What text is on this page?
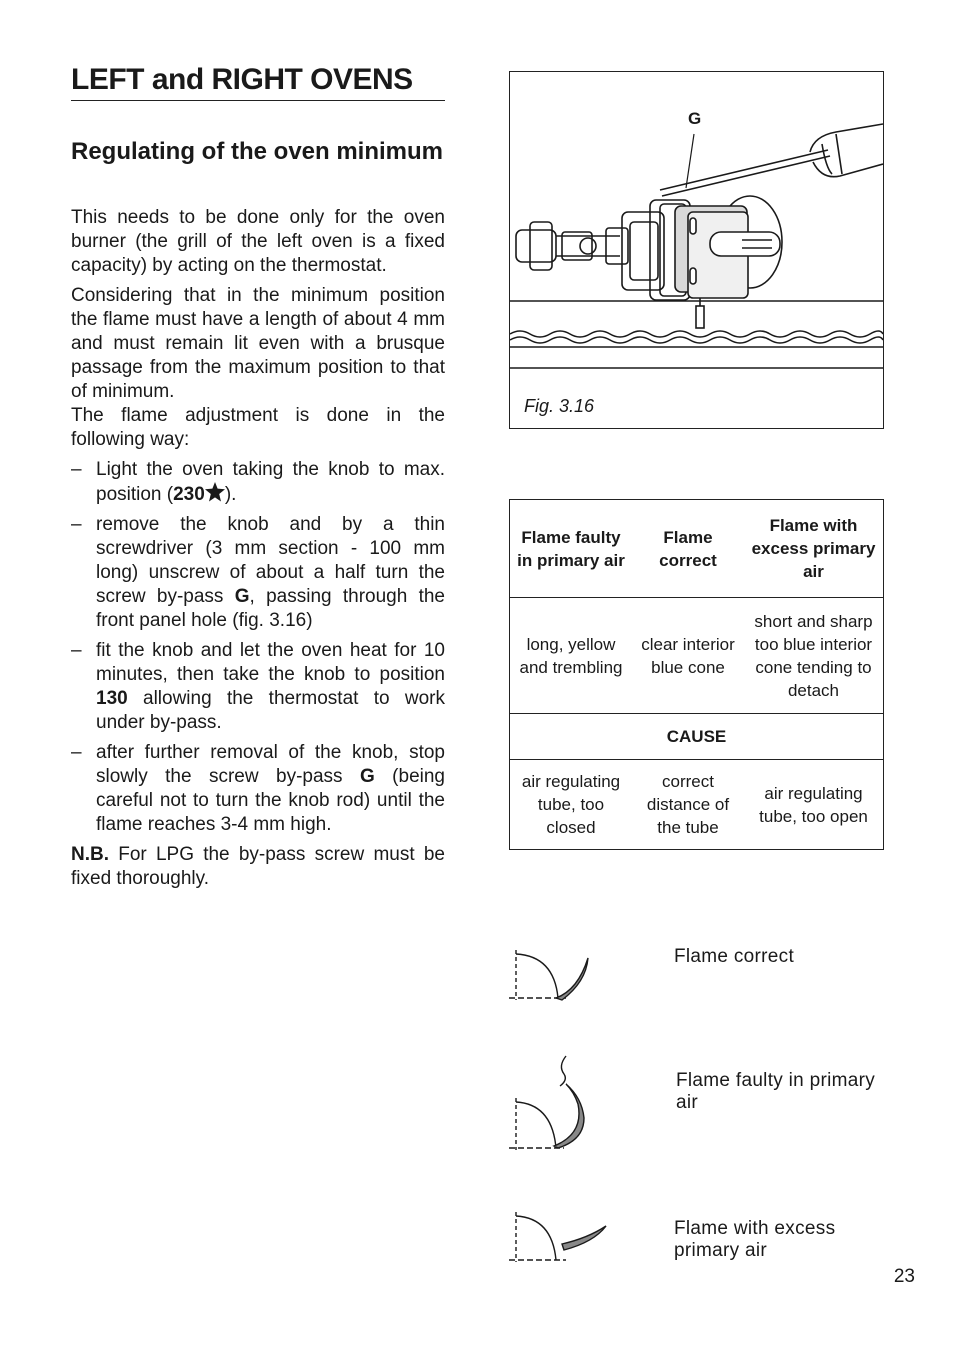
LEFT and RIGHT OVENS
Regulating of the oven minimum

This needs to be done only for the oven burner (the grill of the left oven is a fixed capacity) by acting on the thermostat.

Considering that in the minimum position the flame must have a length of about 4 mm and must remain lit even with a brusque passage from the maximum position to that of minimum.

The flame adjustment is done in the following way:

– Light the oven taking the knob to max. position (230 ).
– remove the knob and by a thin screwdriver (3 mm section - 100 mm long) unscrew of about a half turn the screw by-pass G, passing through the front panel hole (fig. 3.16)
– fit the knob and let the oven heat for 10 minutes, then take the knob to position 130 allowing the thermostat to work under by-pass.
– after further removal of the knob, stop slowly the screw by-pass G (being careful not to turn the knob rod) until the flame reaches 3-4 mm high.

N.B. For LPG the by-pass screw must be fixed thoroughly.

G
Fig. 3.16
Flame faulty in primary air	Flame correct	Flame with excess primary air
long, yellow and trembling	clear interior blue cone	short and sharp too blue interior cone tending to detach
CAUSE		
air regulating tube, too closed	correct distance of the tube	air regulating tube, too open
Flame correct
Flame faulty in primary air
Flame with excess primary air
23
